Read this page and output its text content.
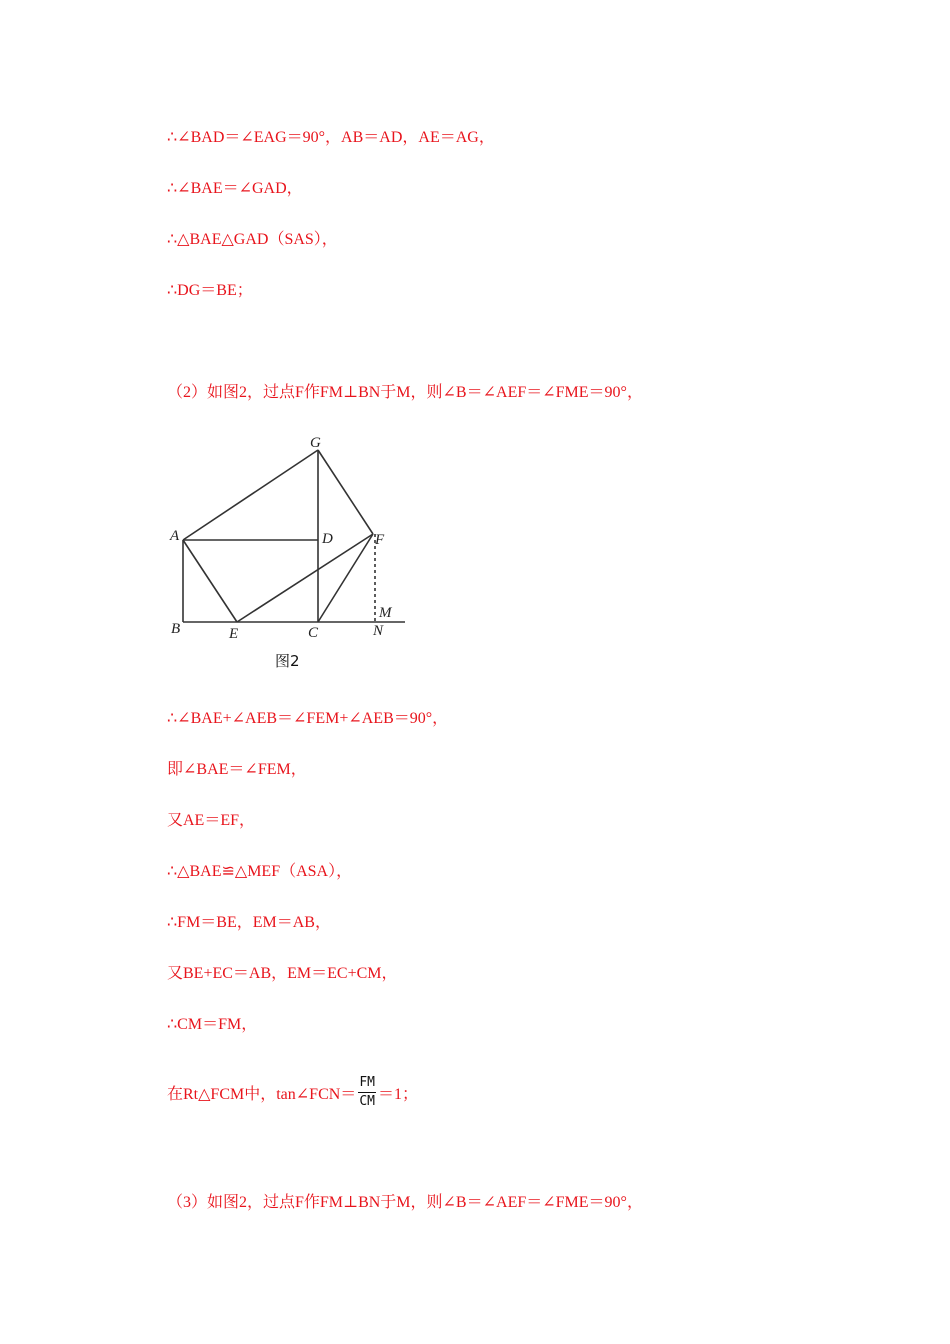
∴∠BAD＝∠EAG＝90°，AB＝AD，AE＝AG，
∴∠BAE＝∠GAD，
∴△BAE△GAD（SAS），
∴DG＝BE；
（2）如图2，过点F作FM⊥BN于M，则∠B＝∠AEF＝∠FME＝90°，
G
A	D	F
M
B	E	C	N
图2
∴∠BAE+∠AEB＝∠FEM+∠AEB＝90°，
即∠BAE＝∠FEM，
又AE＝EF，
∴△BAE≌△MEF（ASA），
∴FM＝BE，EM＝AB，
又BE+EC＝AB，EM＝EC+CM，
∴CM＝FM，
在Rt△FCM中，tan∠FCN＝ $\frac{FM}{CM} =1$；
（3）如图2，过点F作FM⊥BN于M，则∠B＝∠AEF＝∠FME＝90°，
